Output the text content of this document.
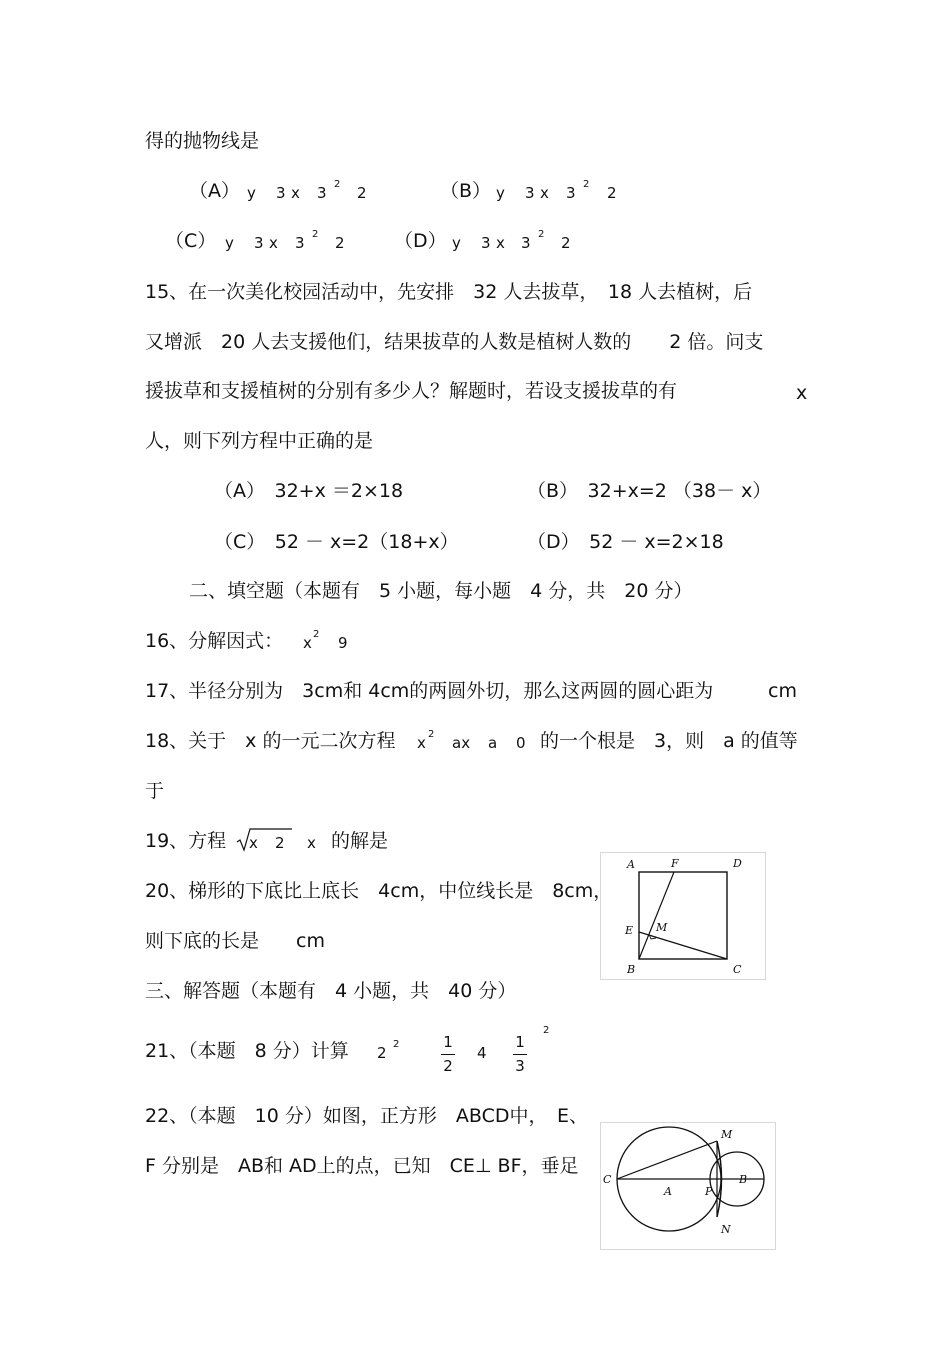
得的抛物线是
（A） y 3 x 3 2 2	（B） y 3 x 3 2 2
（C） y 3 x 3 2 2	（D） y 3 x 3 2 2
15、在一次美化校园活动中，先安排　32 人去拔草，　18 人去植树，后
又增派　20 人去支援他们，结果拔草的人数是植树人数的　　2 倍。问支
援拔草和支援植树的分别有多少人？解题时，若设支援拔草的有	x
人，则下列方程中正确的是
（A）　32+x ＝2×18	（B）　32+x=2 （38－ x）
（C）　52 － x=2（18+x）	（D）　52 － x=2×18
二、填空题（本题有　5 小题，每小题　4 分，共　20 分）
16、分解因式： x 2 9
17、半径分别为　3cm和 4cm的两圆外切，那么这两圆的圆心距为	cm
18、关于　x 的一元二次方程 x 2 ax a 0 的一个根是　3，则　a 的值等
于
19、方程 x 2 x 的解是
A	F	D
E M
B	C
20、梯形的下底比上底长　4cm，中位线长是　8cm，
则下底的长是 cm
三、解答题（本题有　4 小题，共　40 分）
21、（本题　8 分）计算 2 2	1
2
4
1
3
2
22、（本题　10 分）如图，正方形　ABCD中，　E、
F 分别是　AB和 AD上的点，已知　CE⊥ BF，垂足
M
C
A	P
B
N
